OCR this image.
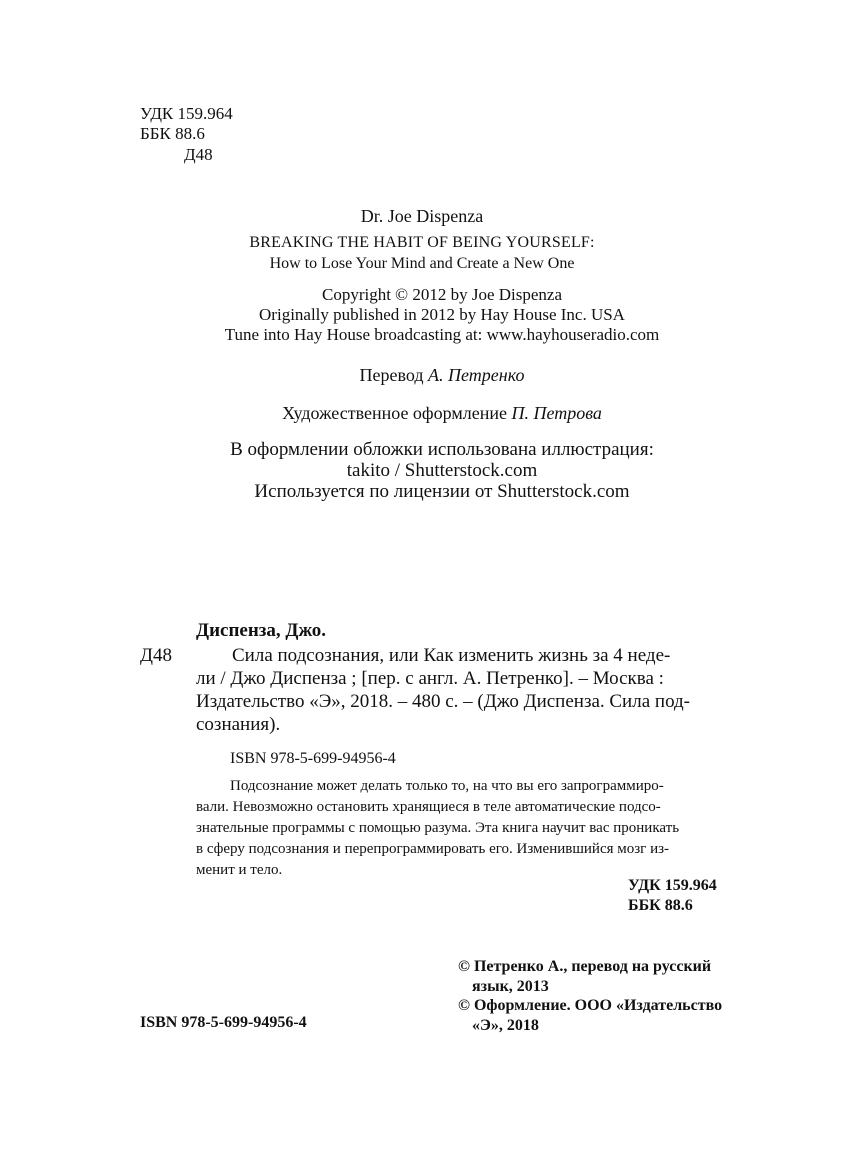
УДК 159.964
ББК 88.6
Д48
Dr. Joe Dispenza
BREAKING THE HABIT OF BEING YOURSELF:
How to Lose Your Mind and Create a New One
Copyright © 2012 by Joe Dispenza
Originally published in 2012 by Hay House Inc. USA
Tune into Hay House broadcasting at: www.hayhouseradio.com
Перевод А. Петренко
Художественное оформление П. Петрова
В оформлении обложки использована иллюстрация:
takito / Shutterstock.com
Используется по лицензии от Shutterstock.com
Диспенза, Джо.
Д48	Сила подсознания, или Как изменить жизнь за 4 неде-
ли / Джо Диспенза ; [пер. с англ. А. Петренко]. – Москва :
Издательство «Э», 2018. – 480 с. – (Джо Диспенза. Сила под-
сознания).
ISBN 978-5-699-94956-4
Подсознание может делать только то, на что вы его запрограммиро-
вали. Невозможно остановить хранящиеся в теле автоматические подсо-
знательные программы с помощью разума. Эта книга научит вас проникать
в сферу подсознания и перепрограммировать его. Изменившийся мозг из-
менит и тело.
УДК 159.964
ББК 88.6
ISBN 978-5-699-94956-4
© Петренко А., перевод на русский
язык, 2013
© Оформление. ООО «Издательство
«Э», 2018
